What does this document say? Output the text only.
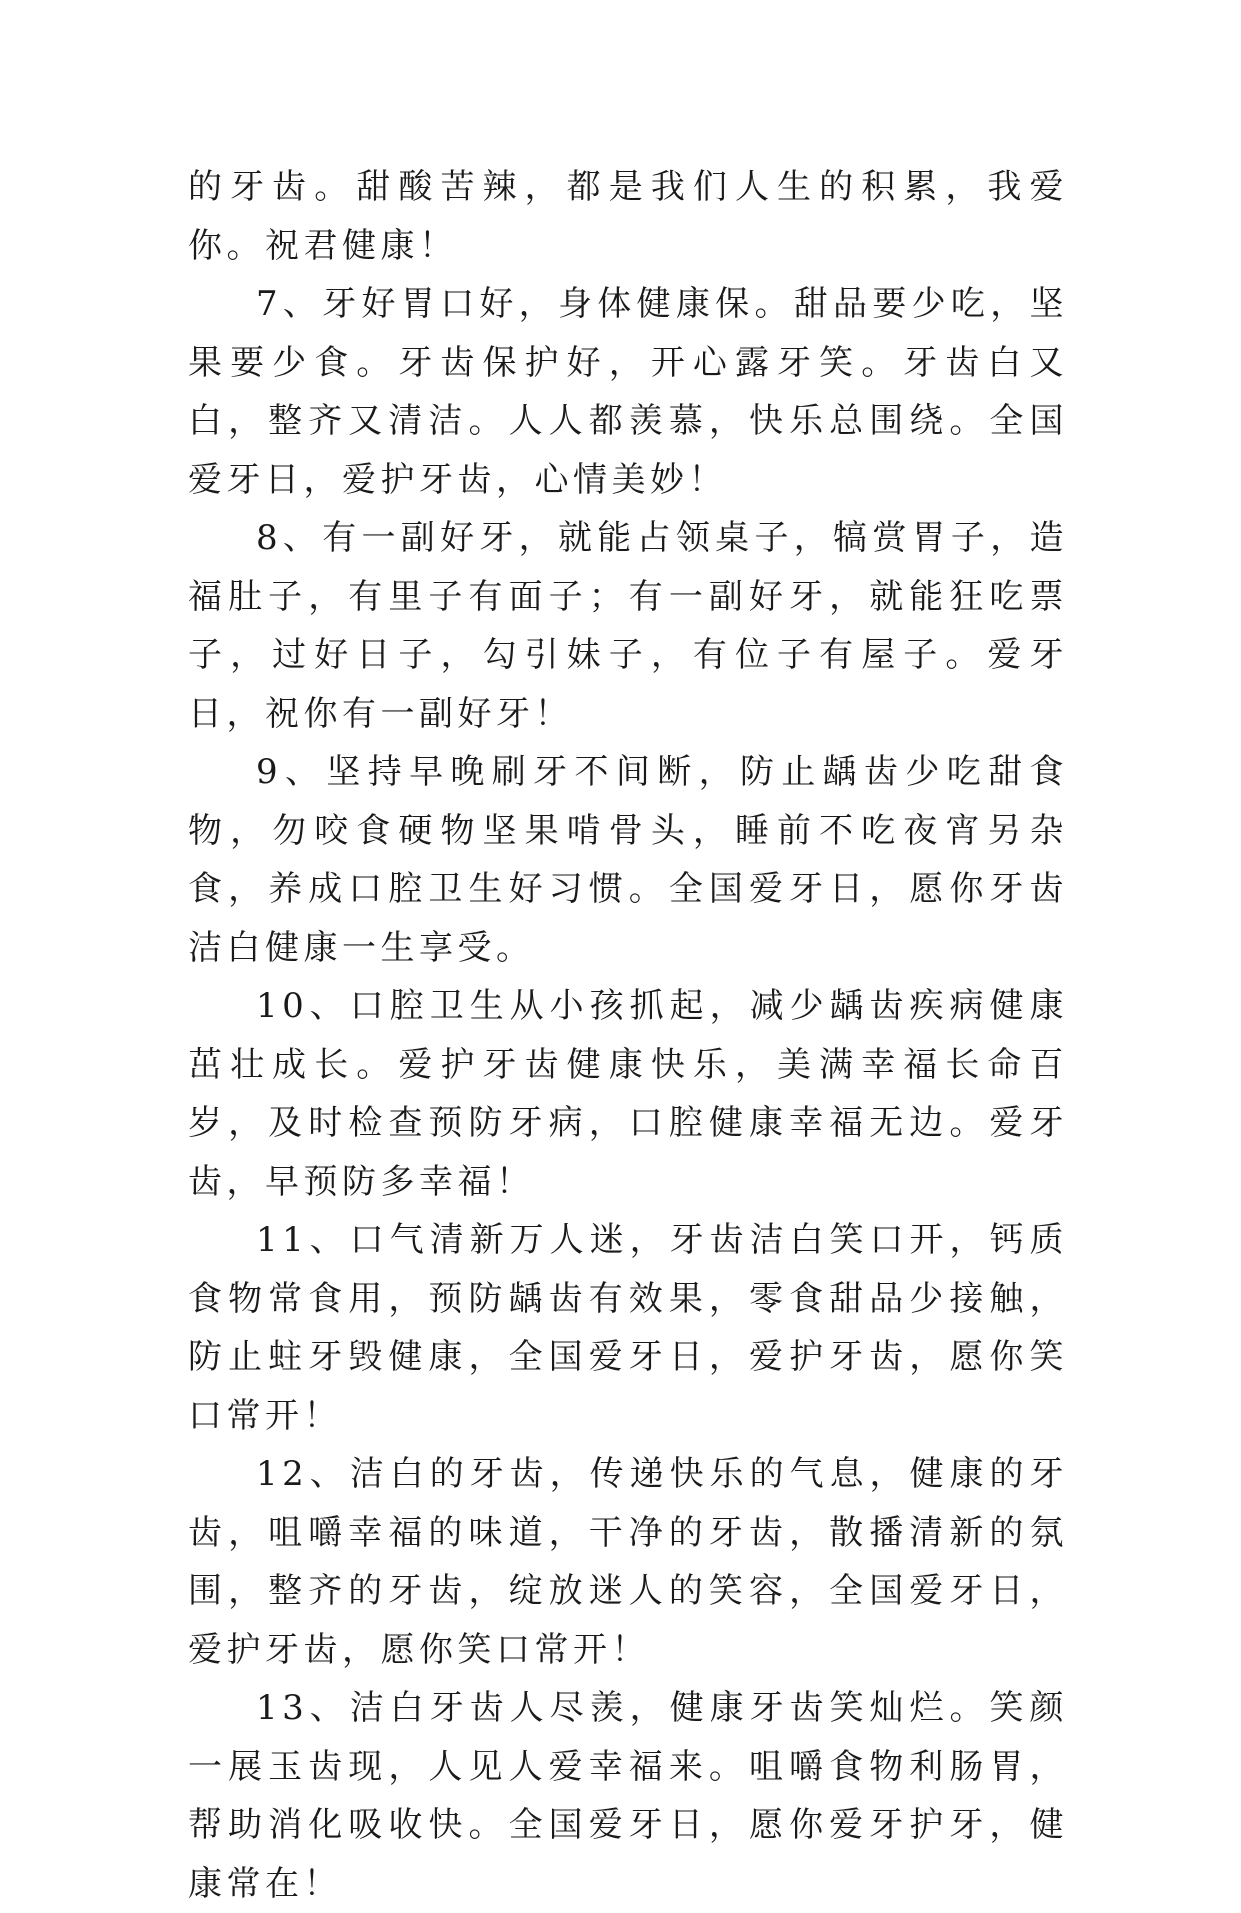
的牙齿。甜酸苦辣，都是我们人生的积累，我爱你。祝君健康！

7、牙好胃口好，身体健康保。甜品要少吃，坚果要少食。牙齿保护好，开心露牙笑。牙齿白又白，整齐又清洁。人人都羡慕，快乐总围绕。全国爱牙日，爱护牙齿，心情美妙！

8、有一副好牙，就能占领桌子，犒赏胃子，造福肚子，有里子有面子；有一副好牙，就能狂吃票子，过好日子，勾引妹子，有位子有屋子。爱牙日，祝你有一副好牙！

9、坚持早晚刷牙不间断，防止龋齿少吃甜食物，勿咬食硬物坚果啃骨头，睡前不吃夜宵另杂食，养成口腔卫生好习惯。全国爱牙日，愿你牙齿洁白健康一生享受。

10、口腔卫生从小孩抓起，减少龋齿疾病健康茁壮成长。爱护牙齿健康快乐，美满幸福长命百岁，及时检查预防牙病，口腔健康幸福无边。爱牙齿，早预防多幸福！

11、口气清新万人迷，牙齿洁白笑口开，钙质食物常食用，预防龋齿有效果，零食甜品少接触，防止蛀牙毁健康，全国爱牙日，爱护牙齿，愿你笑口常开！

12、洁白的牙齿，传递快乐的气息，健康的牙齿，咀嚼幸福的味道，干净的牙齿，散播清新的氛围，整齐的牙齿，绽放迷人的笑容，全国爱牙日，爱护牙齿，愿你笑口常开！

13、洁白牙齿人尽羡，健康牙齿笑灿烂。笑颜一展玉齿现，人见人爱幸福来。咀嚼食物利肠胃，帮助消化吸收快。全国爱牙日，愿你爱牙护牙，健康常在！
